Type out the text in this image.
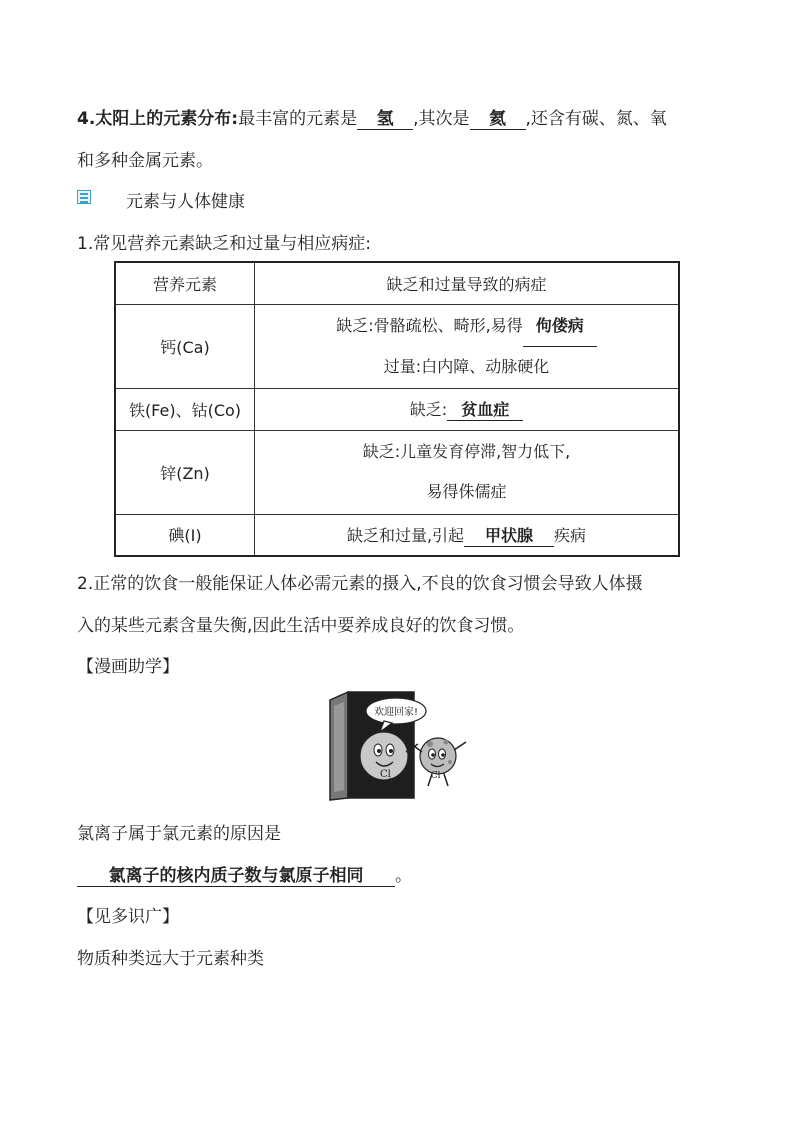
4.太阳上的元素分布:最丰富的元素是 氢 ,其次是 氦 ,还含有碳、氮、氧
和多种金属元素。
元素与人体健康
1.常见营养元素缺乏和过量与相应病症:
营养元素	缺乏和过量导致的病症
钙(Ca)	缺乏:骨骼疏松、畸形,易得 佝偻病
过量:白内障、动脉硬化

铁(Fe)、钴(Co)	缺乏: 贫血症
锌(Zn)	缺乏:儿童发育停滞,智力低下,
易得侏儒症

碘(I)	缺乏和过量,引起 甲状腺 疾病
2.正常的饮食一般能保证人体必需元素的摄入,不良的饮食习惯会导致人体摄
入的某些元素含量失衡,因此生活中要养成良好的饮食习惯。
【漫画助学】
欢迎回家!
Cl	Cl⁻
氯离子属于氯元素的原因是
氯离子的核内质子数与氯原子相同 。
【见多识广】
物质种类远大于元素种类
